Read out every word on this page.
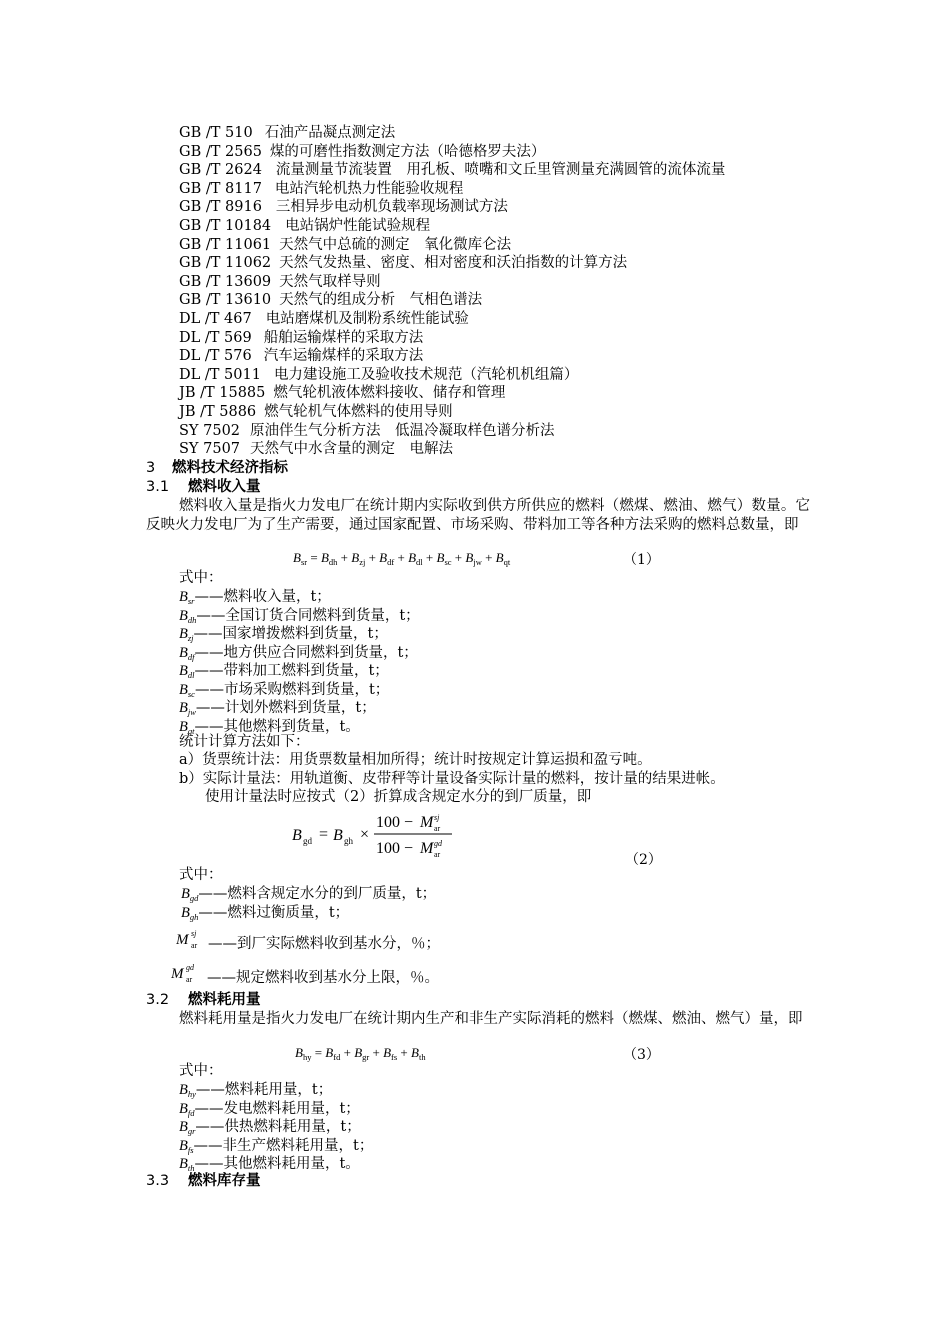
GB /T 510 石油产品凝点测定法
GB /T 2565 煤的可磨性指数测定方法（哈德格罗夫法）
GB /T 2624 流量测量节流装置　用孔板、喷嘴和文丘里管测量充满圆管的流体流量
GB /T 8117 电站汽轮机热力性能验收规程
GB /T 8916 三相异步电动机负载率现场测试方法
GB /T 10184 电站锅炉性能试验规程
GB /T 11061 天然气中总硫的测定　氧化微库仑法
GB /T 11062 天然气发热量、密度、相对密度和沃泊指数的计算方法
GB /T 13609 天然气取样导则
GB /T 13610 天然气的组成分析　气相色谱法
DL /T 467 电站磨煤机及制粉系统性能试验
DL /T 569 船舶运输煤样的采取方法
DL /T 576 汽车运输煤样的采取方法
DL /T 5011 电力建设施工及验收技术规范（汽轮机机组篇）
JB /T 15885 燃气轮机液体燃料接收、储存和管理
JB /T 5886 燃气轮机气体燃料的使用导则
SY 7502 原油伴生气分析方法　低温冷凝取样色谱分析法
SY 7507 天然气中水含量的测定　电解法
3 燃料技术经济指标
3.1 燃料收入量
燃料收入量是指火力发电厂在统计期内实际收到供方所供应的燃料（燃煤、燃油、燃气）数量。它反映火力发电厂为了生产需要，通过国家配置、市场采购、带料加工等各种方法采购的燃料总数量，即
$B_{sr} = B_{dh} + B_{zj} + B_{df} + B_{dl} + B_{sc} + B_{jw} + B_{qt}$	（1）
式中：
$B_{sr}——$燃料收入量，t；
$B_{dh}——$全国订货合同燃料到货量，t；
$B_{zj}——$国家增拨燃料到货量，t；
$B_{df}——$地方供应合同燃料到货量，t；
$B_{dl}——$带料加工燃料到货量，t；
$B_{sc}——$市场采购燃料到货量，t；
$B_{jw}——$计划外燃料到货量，t；
$B_{qt}——$其他燃料到货量，t。
统计计算方法如下：
a）货票统计法：用货票数量相加所得；统计时按规定计算运损和盈亏吨。
b）实际计量法：用轨道衡、皮带秤等计量设备实际计量的燃料，按计量的结果进帐。
使用计量法时应按式（2）折算成含规定水分的到厂质量，即
B gd = B gh ×
100 − M sj
ar
100 − M gd
ar	（2）
式中：
$B_{gd}——$燃料含规定水分的到厂质量，t；
$B_{gh}——$燃料过衡质量，t；
M sj
ar ——到厂实际燃料收到基水分，％；
M gd
ar ——规定燃料收到基水分上限，％。
3.2 燃料耗用量
燃料耗用量是指火力发电厂在统计期内生产和非生产实际消耗的燃料（燃煤、燃油、燃气）量，即
$B_{hy} = B_{fd} + B_{gr} + B_{fs} + B_{th}$	（3）
式中：
$B_{hy}——$燃料耗用量，t；
$B_{fd}——$发电燃料耗用量，t；
$B_{gr}——$供热燃料耗用量，t；
$B_{fs}——$非生产燃料耗用量，t；
$B_{th}——$其他燃料耗用量，t。
3.3 燃料库存量
